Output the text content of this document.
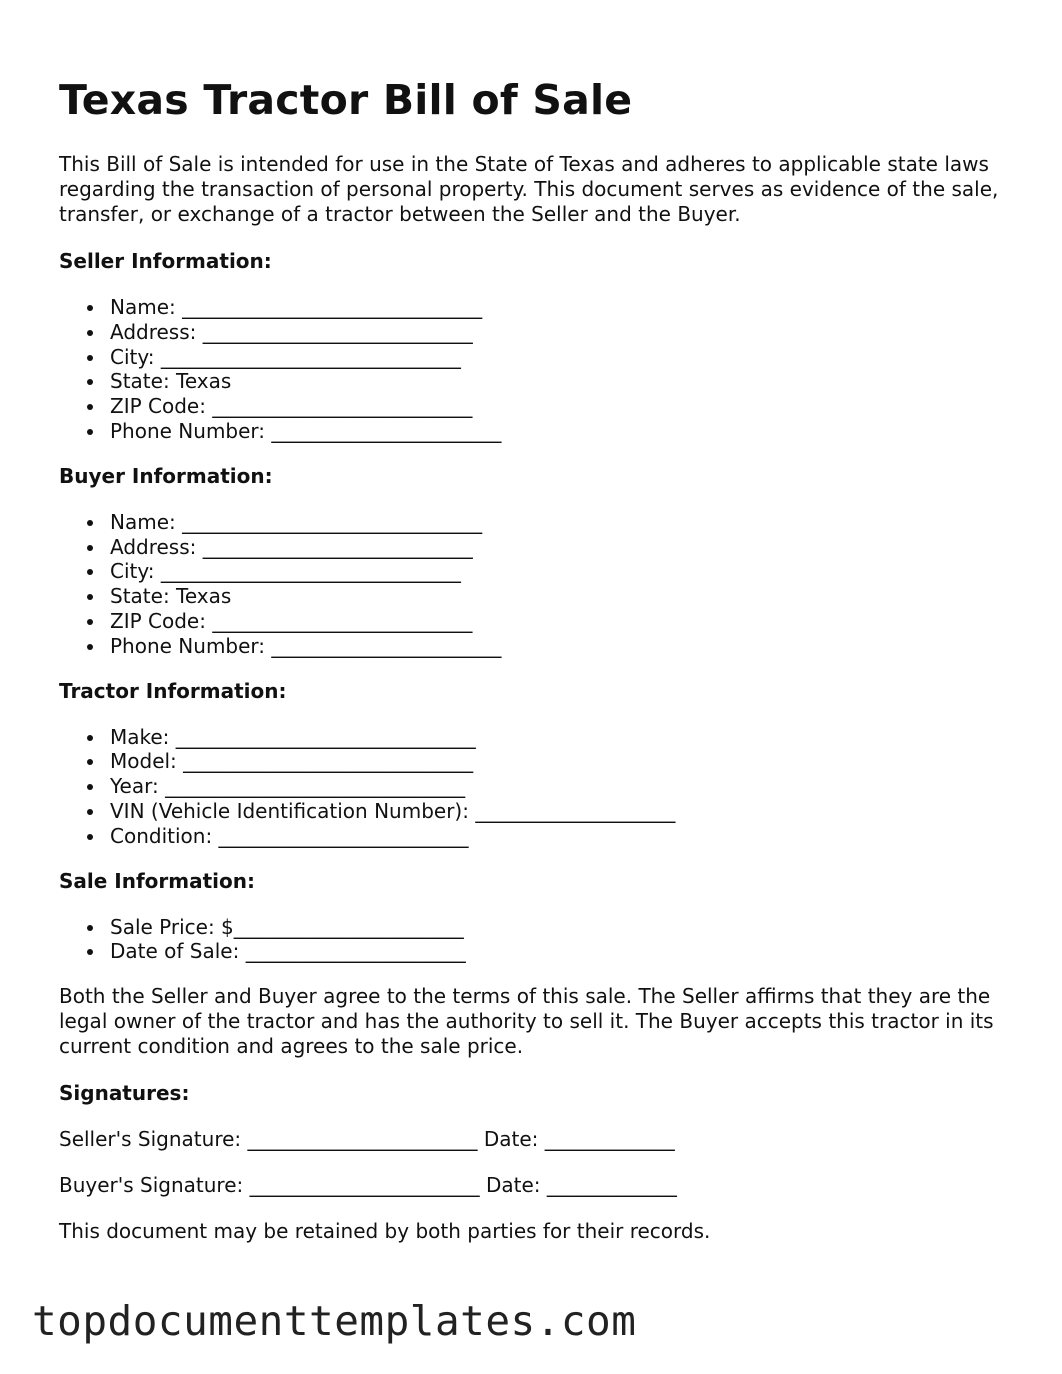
Texas Tractor Bill of Sale

This Bill of Sale is intended for use in the State of Texas and adheres to applicable state laws regarding the transaction of personal property. This document serves as evidence of the sale, transfer, or exchange of a tractor between the Seller and the Buyer.

Seller Information:
Name: ______________________________
Address: ___________________________
City: ______________________________
State: Texas
ZIP Code: __________________________
Phone Number: _______________________
Buyer Information:
Name: ______________________________
Address: ___________________________
City: ______________________________
State: Texas
ZIP Code: __________________________
Phone Number: _______________________
Tractor Information:
Make: ______________________________
Model: _____________________________
Year: ______________________________
VIN (Vehicle Identification Number): ____________________
Condition: _________________________
Sale Information:
Sale Price: $_______________________
Date of Sale: ______________________

Both the Seller and Buyer agree to the terms of this sale. The Seller affirms that they are the legal owner of the tractor and has the authority to sell it. The Buyer accepts this tractor in its current condition and agrees to the sale price.

Signatures:
Seller's Signature: _______________________ Date: _____________
Buyer's Signature: _______________________ Date: _____________

This document may be retained by both parties for their records.

topdocumenttemplates.com
